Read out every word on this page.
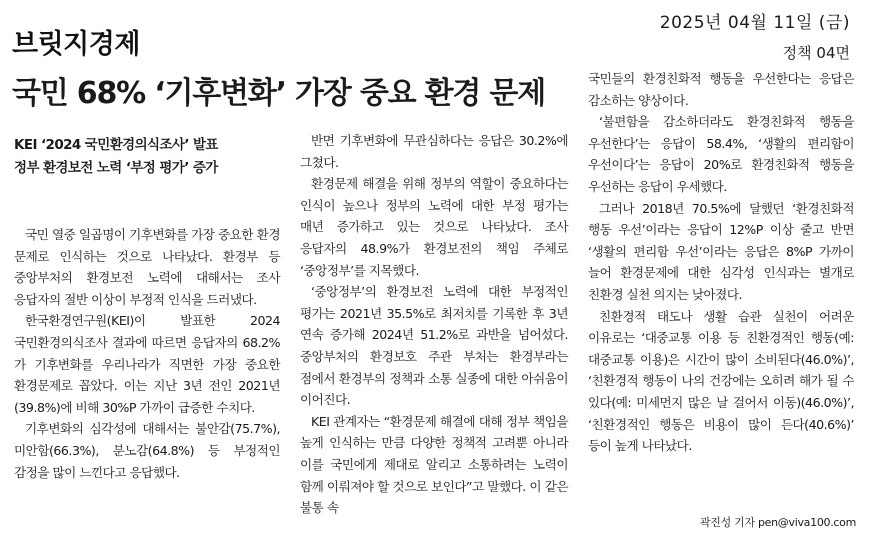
2025년 04월 11일 (금)
정책 04면
브릿지경제
국민 68% ‘기후변화’ 가장 중요 환경 문제
KEI ‘2024 국민환경의식조사’ 발표
정부 환경보전 노력 ‘부정 평가’ 증가

국민 열중 일곱명이 기후변화를 가장 중요한 환경 문제로 인식하는 것으로 나타났다. 환경부 등 중앙부처의 환경보전 노력에 대해서는 조사 응답자의 절반 이상이 부정적 인식을 드러냈다.

한국환경연구원(KEI)이 발표한 2024 국민환경의식조사 결과에 따르면 응답자의 68.2%가 기후변화를 우리나라가 직면한 가장 중요한 환경문제로 꼽았다. 이는 지난 3년 전인 2021년(39.8%)에 비해 30%P 가까이 급증한 수치다.

기후변화의 심각성에 대해서는 불안감(75.7%), 미안함(66.3%), 분노감(64.8%) 등 부정적인 감정을 많이 느낀다고 응답했다.

반면 기후변화에 무관심하다는 응답은 30.2%에 그쳤다.

환경문제 해결을 위해 정부의 역할이 중요하다는 인식이 높으나 정부의 노력에 대한 부정 평가는 매년 증가하고 있는 것으로 나타났다. 조사 응답자의 48.9%가 환경보전의 책임 주체로 ‘중앙정부’를 지목했다.

‘중앙정부’의 환경보전 노력에 대한 부정적인 평가는 2021년 35.5%로 최저치를 기록한 후 3년 연속 증가해 2024년 51.2%로 과반을 넘어섰다. 중앙부처의 환경보호 주관 부처는 환경부라는 점에서 환경부의 정책과 소통 실종에 대한 아쉬움이 이어진다.

KEI 관계자는 “환경문제 해결에 대해 정부 책임을 높게 인식하는 만큼 다양한 정책적 고려뿐 아니라 이를 국민에게 제대로 알리고 소통하려는 노력이 함께 이뤄져야 할 것으로 보인다”고 말했다. 이 같은 불통 속

국민들의 환경친화적 행동을 우선한다는 응답은 감소하는 양상이다.

‘불편함을 감소하더라도 환경친화적 행동을 우선한다’는 응답이 58.4%, ‘생활의 편리함이 우선이다’는 응답이 20%로 환경친화적 행동을 우선하는 응답이 우세했다.

그러나 2018년 70.5%에 달했던 ‘환경친화적 행동 우선’이라는 응답이 12%P 이상 줄고 반면 ‘생활의 편리함 우선’이라는 응답은 8%P 가까이 늘어 환경문제에 대한 심각성 인식과는 별개로 친환경 실천 의지는 낮아졌다.

친환경적 태도나 생활 습관 실천이 어려운 이유로는 ‘대중교통 이용 등 친환경적인 행동(예: 대중교통 이용)은 시간이 많이 소비된다(46.0%)’, ‘친환경적 행동이 나의 건강에는 오히려 해가 될 수 있다(예: 미세먼지 많은 날 걸어서 이동)(46.0%)’, ‘친환경적인 행동은 비용이 많이 든다(40.6%)’ 등이 높게 나타났다.

곽진성 기자 pen@viva100.com
